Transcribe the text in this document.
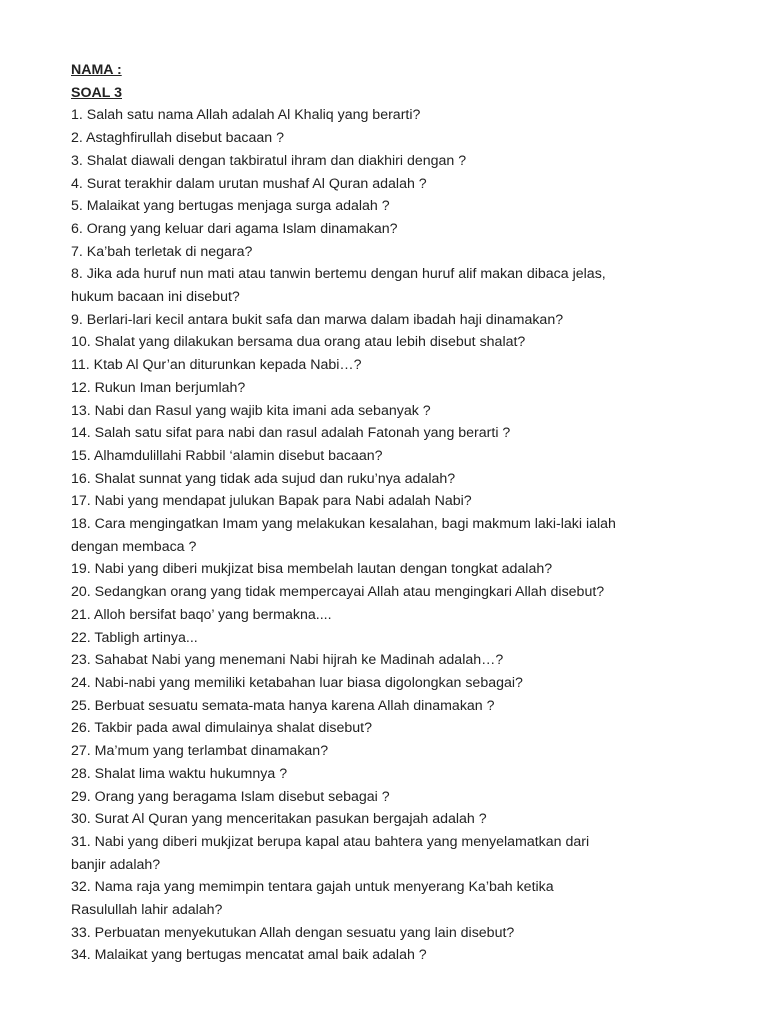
NAMA :
SOAL 3
1. Salah satu nama Allah adalah Al Khaliq yang berarti?
2. Astaghfirullah disebut bacaan ?
3. Shalat diawali dengan takbiratul ihram dan diakhiri dengan ?
4. Surat terakhir dalam urutan mushaf Al Quran adalah ?
5. Malaikat yang bertugas menjaga surga adalah ?
6. Orang yang keluar dari agama Islam dinamakan?
7. Ka’bah terletak di negara?
8. Jika ada huruf nun mati atau tanwin bertemu dengan huruf alif makan dibaca jelas,
hukum bacaan ini disebut?
9. Berlari-lari kecil antara bukit safa dan marwa dalam ibadah haji dinamakan?
10. Shalat yang dilakukan bersama dua orang atau lebih disebut shalat?
11. Ktab Al Qur’an diturunkan kepada Nabi…?
12. Rukun Iman berjumlah?
13. Nabi dan Rasul yang wajib kita imani ada sebanyak ?
14. Salah satu sifat para nabi dan rasul adalah Fatonah yang berarti ?
15. Alhamdulillahi Rabbil ‘alamin disebut bacaan?
16. Shalat sunnat yang tidak ada sujud dan ruku’nya adalah?
17. Nabi yang mendapat julukan Bapak para Nabi adalah Nabi?
18. Cara mengingatkan Imam yang melakukan kesalahan, bagi makmum laki-laki ialah
dengan membaca ?
19. Nabi yang diberi mukjizat bisa membelah lautan dengan tongkat adalah?
20. Sedangkan orang yang tidak mempercayai Allah atau mengingkari Allah disebut?
21. Alloh bersifat baqo’ yang bermakna....
22. Tabligh artinya...
23. Sahabat Nabi yang menemani Nabi hijrah ke Madinah adalah…?
24. Nabi-nabi yang memiliki ketabahan luar biasa digolongkan sebagai?
25. Berbuat sesuatu semata-mata hanya karena Allah dinamakan ?
26. Takbir pada awal dimulainya shalat disebut?
27. Ma’mum yang terlambat dinamakan?
28. Shalat lima waktu hukumnya ?
29. Orang yang beragama Islam disebut sebagai ?
30. Surat Al Quran yang menceritakan pasukan bergajah adalah ?
31. Nabi yang diberi mukjizat berupa kapal atau bahtera yang menyelamatkan dari
banjir adalah?
32. Nama raja yang memimpin tentara gajah untuk menyerang Ka’bah ketika
Rasulullah lahir adalah?
33. Perbuatan menyekutukan Allah dengan sesuatu yang lain disebut?
34. Malaikat yang bertugas mencatat amal baik adalah ?
